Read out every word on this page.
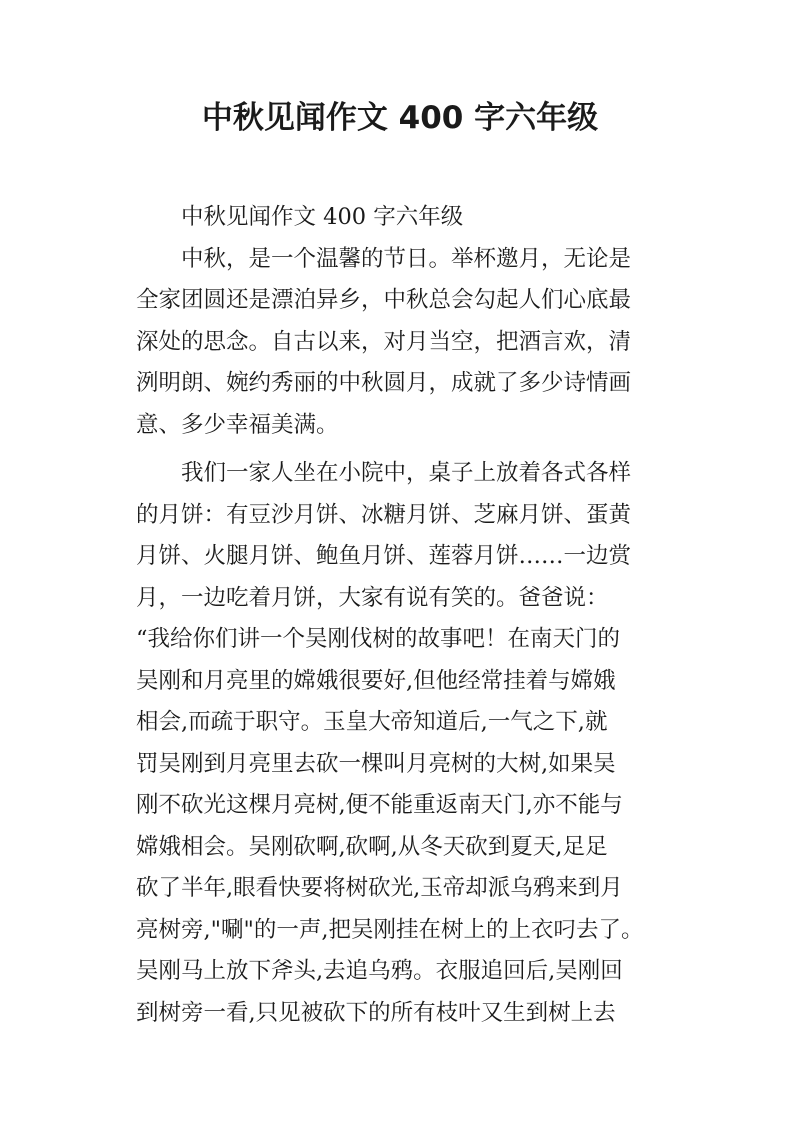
中秋见闻作文 400 字六年级

中秋见闻作文 400 字六年级

中秋，是一个温馨的节日。举杯邀月，无论是

全家团圆还是漂泊异乡，中秋总会勾起人们心底最
深处的思念。自古以来，对月当空，把酒言欢，清
洌明朗、婉约秀丽的中秋圆月，成就了多少诗情画
意、多少幸福美满。

我们一家人坐在小院中，桌子上放着各式各样

的月饼：有豆沙月饼、冰糖月饼、芝麻月饼、蛋黄
月饼、火腿月饼、鲍鱼月饼、莲蓉月饼……一边赏
月，一边吃着月饼，大家有说有笑的。爸爸说：
“我给你们讲一个吴刚伐树的故事吧！在南天门的
吴刚和月亮里的嫦娥很要好,但他经常挂着与嫦娥
相会,而疏于职守。玉皇大帝知道后,一气之下,就
罚吴刚到月亮里去砍一棵叫月亮树的大树,如果吴
刚不砍光这棵月亮树,便不能重返南天门,亦不能与
嫦娥相会。吴刚砍啊,砍啊,从冬天砍到夏天,足足
砍了半年,眼看快要将树砍光,玉帝却派乌鸦来到月
亮树旁,"唰"的一声,把吴刚挂在树上的上衣叼去了。
吴刚马上放下斧头,去追乌鸦。衣服追回后,吴刚回
到树旁一看,只见被砍下的所有枝叶又生到树上去
